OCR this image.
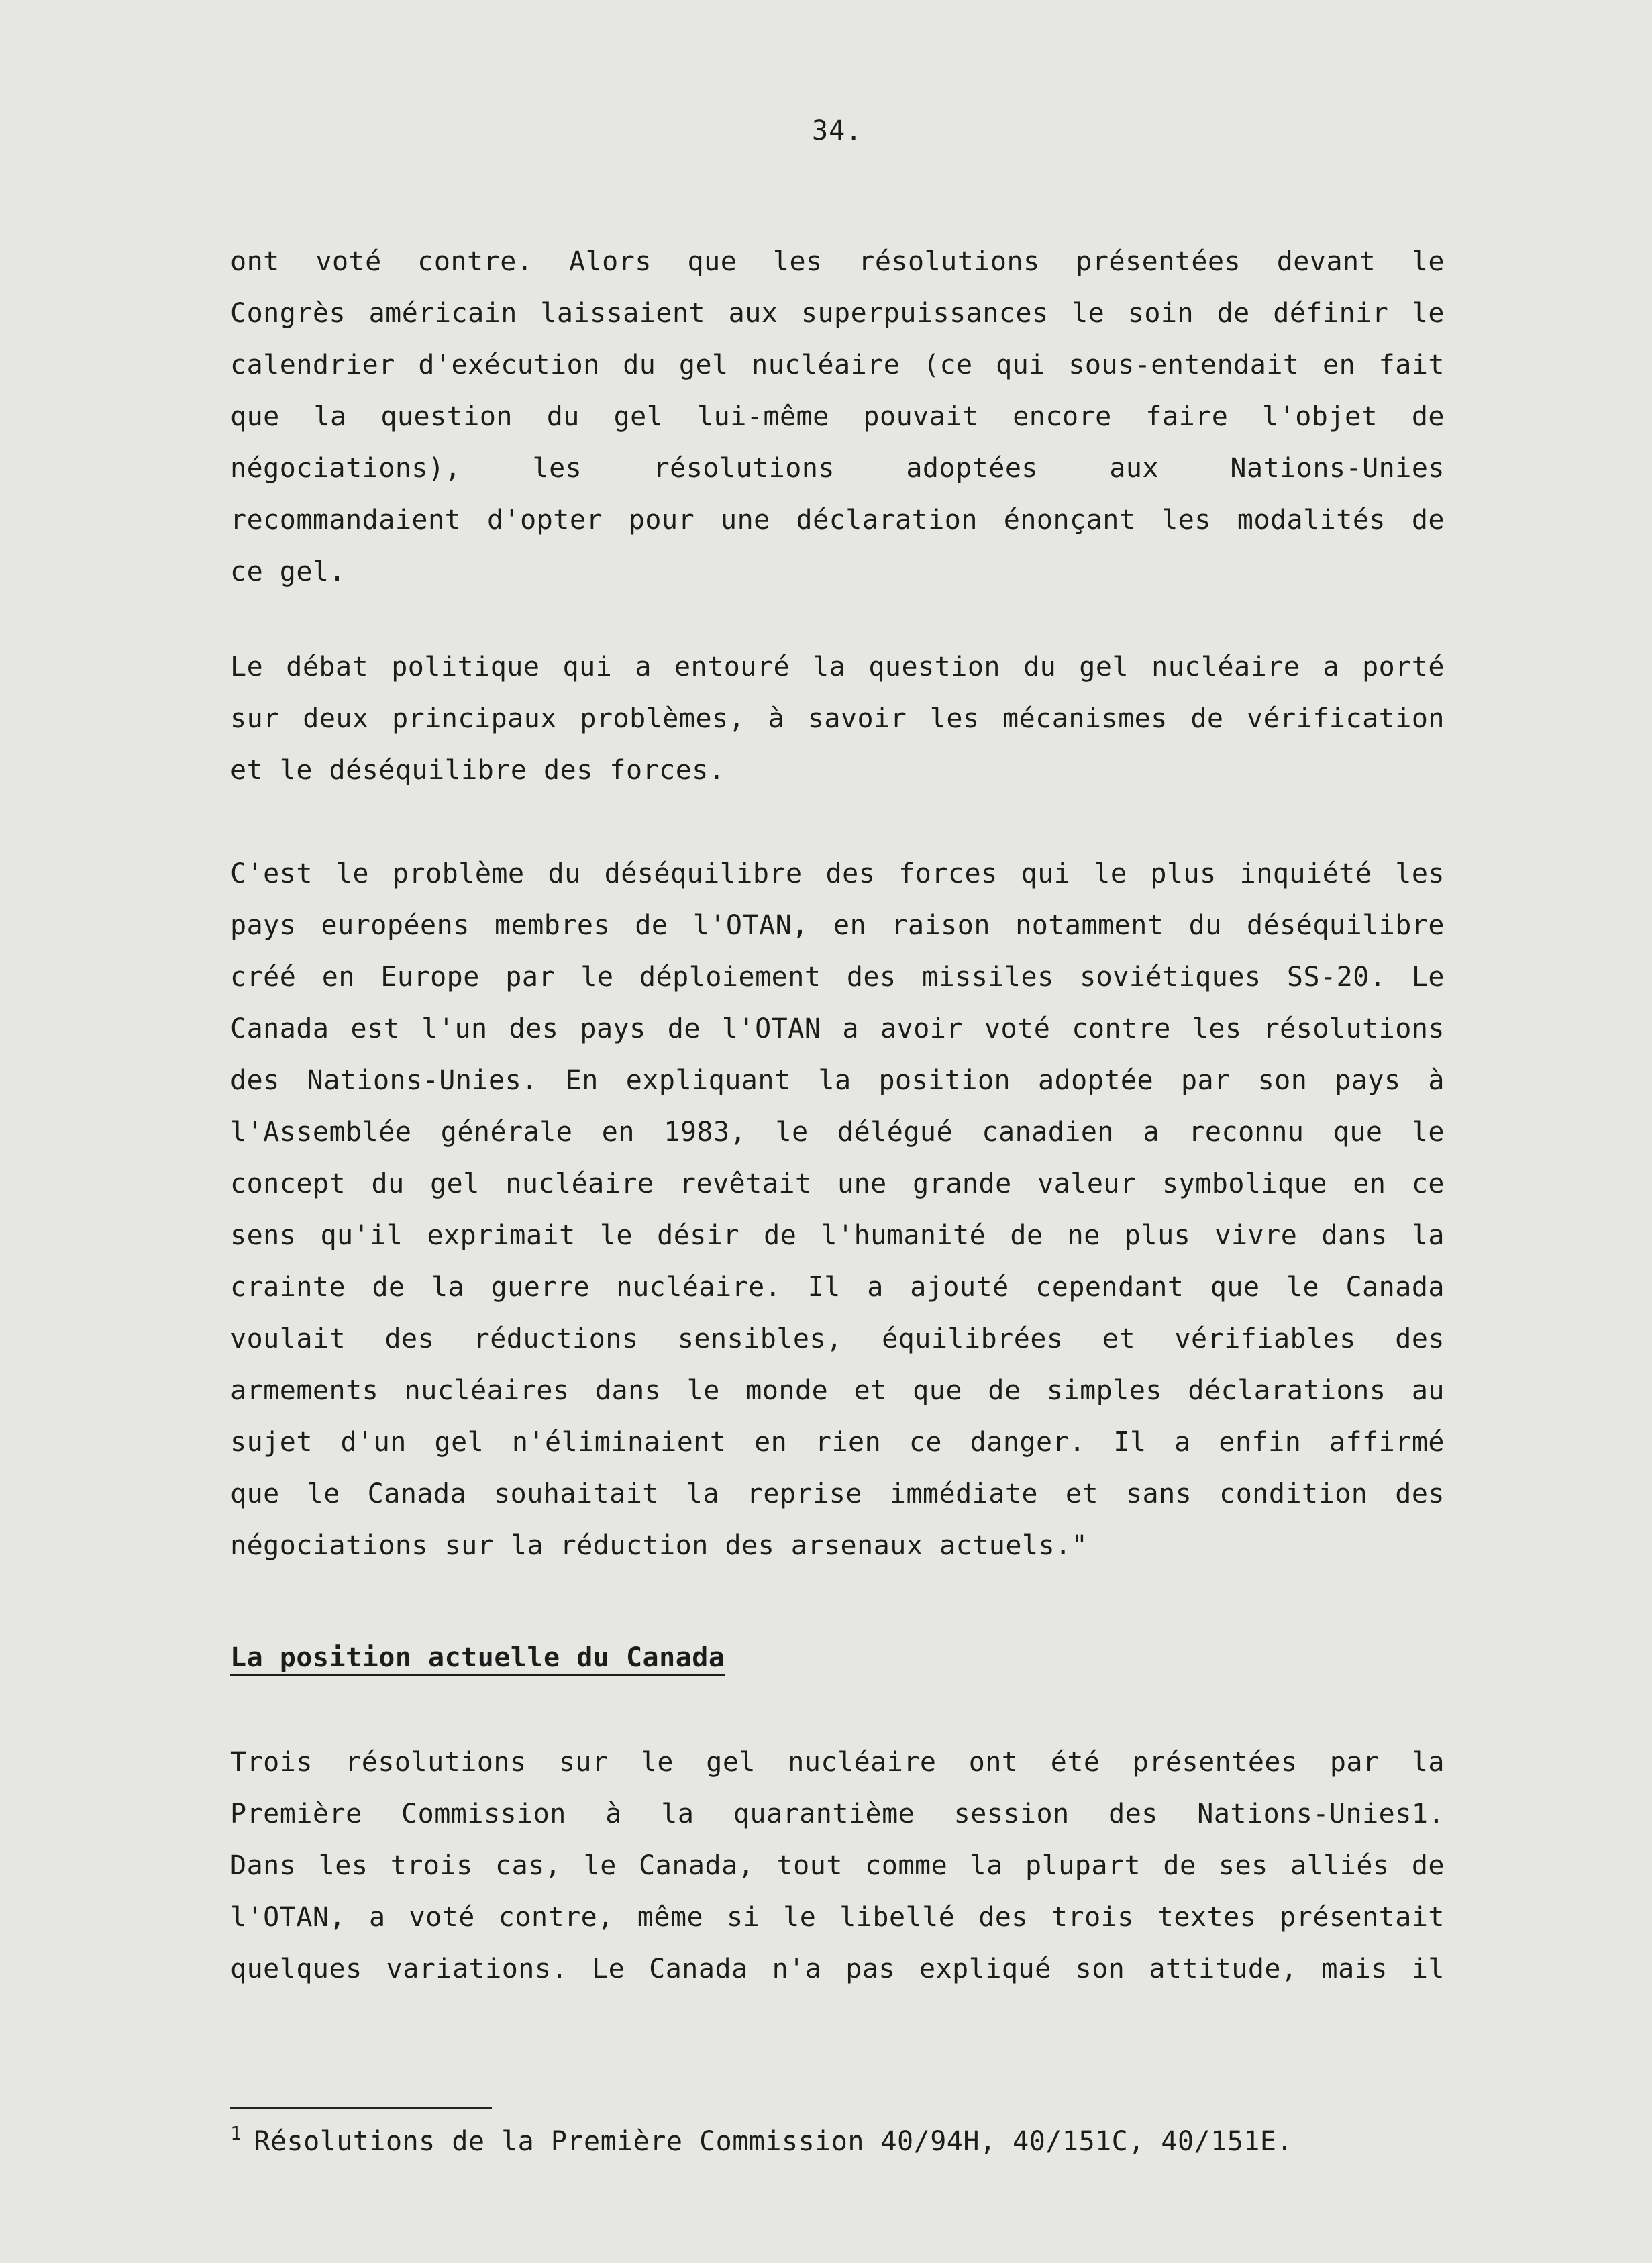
34.
ont voté contre. Alors que les résolutions présentées devant le
Congrès américain laissaient aux superpuissances le soin de définir le
calendrier d'exécution du gel nucléaire (ce qui sous-entendait en fait
que la question du gel lui-même pouvait encore faire l'objet de
négociations), les résolutions adoptées aux Nations-Unies
recommandaient d'opter pour une déclaration énonçant les modalités de
ce gel.
Le débat politique qui a entouré la question du gel nucléaire a porté
sur deux principaux problèmes, à savoir les mécanismes de vérification
et le déséquilibre des forces.
C'est le problème du déséquilibre des forces qui le plus inquiété les
pays européens membres de l'OTAN, en raison notamment du déséquilibre
créé en Europe par le déploiement des missiles soviétiques SS-20. Le
Canada est l'un des pays de l'OTAN a avoir voté contre les résolutions
des Nations-Unies. En expliquant la position adoptée par son pays à
l'Assemblée générale en 1983, le délégué canadien a reconnu que le
concept du gel nucléaire revêtait une grande valeur symbolique en ce
sens qu'il exprimait le désir de l'humanité de ne plus vivre dans la
crainte de la guerre nucléaire. Il a ajouté cependant que le Canada
voulait des réductions sensibles, équilibrées et vérifiables des
armements nucléaires dans le monde et que de simples déclarations au
sujet d'un gel n'éliminaient en rien ce danger. Il a enfin affirmé
que le Canada souhaitait la reprise immédiate et sans condition des
négociations sur la réduction des arsenaux actuels."
La position actuelle du Canada
Trois résolutions sur le gel nucléaire ont été présentées par la
Première Commission à la quarantième session des Nations-Unies1.
Dans les trois cas, le Canada, tout comme la plupart de ses alliés de
l'OTAN, a voté contre, même si le libellé des trois textes présentait
quelques variations. Le Canada n'a pas expliqué son attitude, mais il
$^1$ Résolutions de la Première Commission 40/94H, 40/151C, 40/151E.
